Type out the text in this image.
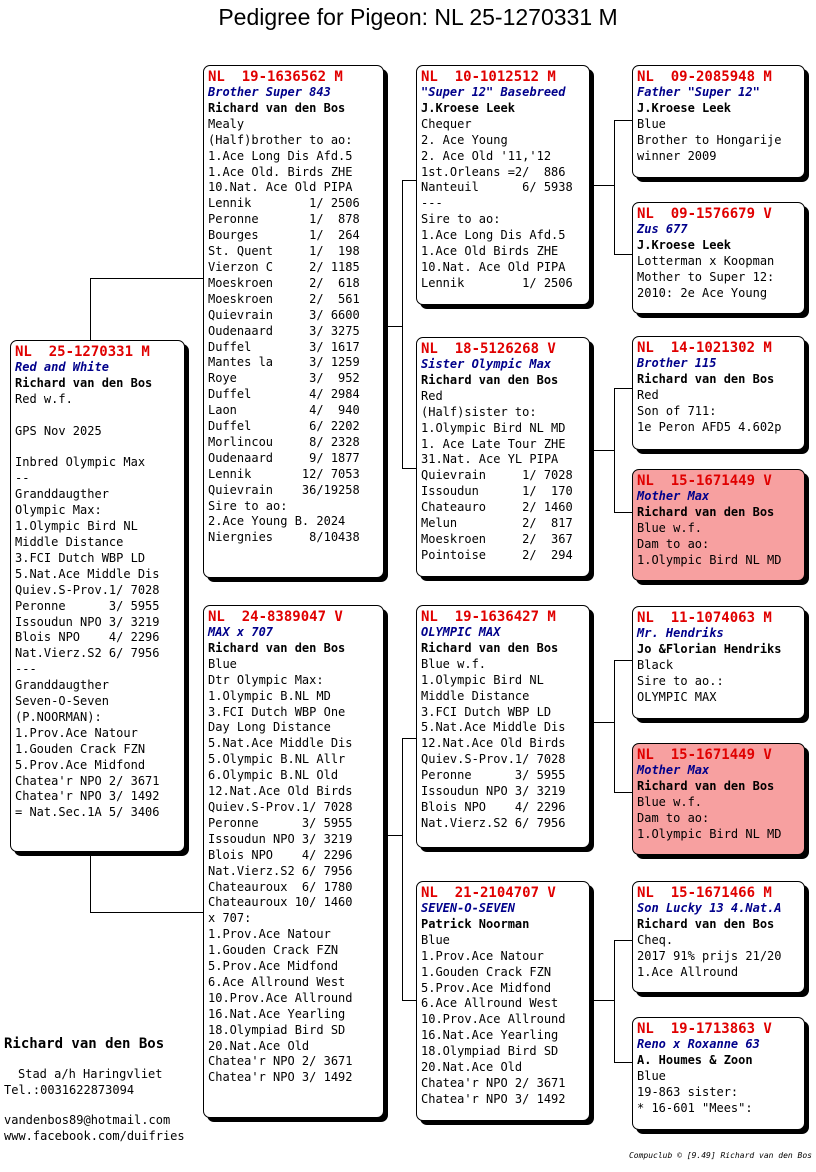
Pedigree for Pigeon: NL 25-1270331 M
NL  25-1270331 M
Red and White
Richard van den Bos
Red w.f.

GPS Nov 2025

Inbred Olympic Max
--
Granddaugther
Olympic Max:
1.Olympic Bird NL
Middle Distance
3.FCI Dutch WBP LD
5.Nat.Ace Middle Dis
Quiev.S-Prov.1/ 7028
Peronne      3/ 5955
Issoudun NPO 3/ 3219
Blois NPO    4/ 2296
Nat.Vierz.S2 6/ 7956
---
Granddaugther
Seven-O-Seven
(P.NOORMAN):
1.Prov.Ace Natour
1.Gouden Crack FZN
5.Prov.Ace Midfond
Chatea'r NPO 2/ 3671
Chatea'r NPO 3/ 1492
= Nat.Sec.1A 5/ 3406
NL  19-1636562 M
Brother Super 843
Richard van den Bos
Mealy
(Half)brother to ao:
1.Ace Long Dis Afd.5
1.Ace Old. Birds ZHE
10.Nat. Ace Old PIPA
Lennik        1/ 2506
Peronne       1/  878
Bourges       1/  264
St. Quent     1/  198
Vierzon C     2/ 1185
Moeskroen     2/  618
Moeskroen     2/  561
Quievrain     3/ 6600
Oudenaard     3/ 3275
Duffel        3/ 1617
Mantes la     3/ 1259
Roye          3/  952
Duffel        4/ 2984
Laon          4/  940
Duffel        6/ 2202
Morlincou     8/ 2328
Oudenaard     9/ 1877
Lennik       12/ 7053
Quievrain    36/19258
Sire to ao:
2.Ace Young B. 2024
Niergnies     8/10438
NL  24-8389047 V
MAX x 707
Richard van den Bos
Blue
Dtr Olympic Max:
1.Olympic B.NL MD
3.FCI Dutch WBP One
Day Long Distance
5.Nat.Ace Middle Dis
5.Olympic B.NL Allr
6.Olympic B.NL Old
12.Nat.Ace Old Birds
Quiev.S-Prov.1/ 7028
Peronne      3/ 5955
Issoudun NPO 3/ 3219
Blois NPO    4/ 2296
Nat.Vierz.S2 6/ 7956
Chateauroux  6/ 1780
Chateauroux 10/ 1460
x 707:
1.Prov.Ace Natour
1.Gouden Crack FZN
5.Prov.Ace Midfond
6.Ace Allround West
10.Prov.Ace Allround
16.Nat.Ace Yearling
18.Olympiad Bird SD
20.Nat.Ace Old
Chatea'r NPO 2/ 3671
Chatea'r NPO 3/ 1492
NL  10-1012512 M
"Super 12" Basebreed
J.Kroese Leek
Chequer
2. Ace Young
2. Ace Old '11,'12
1st.Orleans =2/  886
Nanteuil      6/ 5938
---
Sire to ao:
1.Ace Long Dis Afd.5
1.Ace Old Birds ZHE
10.Nat. Ace Old PIPA
Lennik        1/ 2506
NL  18-5126268 V
Sister Olympic Max
Richard van den Bos
Red
(Half)sister to:
1.Olympic Bird NL MD
1. Ace Late Tour ZHE
31.Nat. Ace YL PIPA
Quievrain     1/ 7028
Issoudun      1/  170
Chateauro     2/ 1460
Melun         2/  817
Moeskroen     2/  367
Pointoise     2/  294
NL  19-1636427 M
OLYMPIC MAX
Richard van den Bos
Blue w.f.
1.Olympic Bird NL
Middle Distance
3.FCI Dutch WBP LD
5.Nat.Ace Middle Dis
12.Nat.Ace Old Birds
Quiev.S-Prov.1/ 7028
Peronne      3/ 5955
Issoudun NPO 3/ 3219
Blois NPO    4/ 2296
Nat.Vierz.S2 6/ 7956
NL  21-2104707 V
SEVEN-O-SEVEN
Patrick Noorman
Blue
1.Prov.Ace Natour
1.Gouden Crack FZN
5.Prov.Ace Midfond
6.Ace Allround West
10.Prov.Ace Allround
16.Nat.Ace Yearling
18.Olympiad Bird SD
20.Nat.Ace Old
Chatea'r NPO 2/ 3671
Chatea'r NPO 3/ 1492
NL  09-2085948 M
Father "Super 12"
J.Kroese Leek
Blue
Brother to Hongarije
winner 2009
NL  09-1576679 V
Zus 677
J.Kroese Leek
Lotterman x Koopman
Mother to Super 12:
2010: 2e Ace Young
NL  14-1021302 M
Brother 115
Richard van den Bos
Red
Son of 711:
1e Peron AFD5 4.602p
NL  15-1671449 V
Mother Max
Richard van den Bos
Blue w.f.
Dam to ao:
1.Olympic Bird NL MD
NL  11-1074063 M
Mr. Hendriks
Jo &Florian Hendriks
Black
Sire to ao.:
OLYMPIC MAX
NL  15-1671449 V
Mother Max
Richard van den Bos
Blue w.f.
Dam to ao:
1.Olympic Bird NL MD
NL  15-1671466 M
Son Lucky 13 4.Nat.A
Richard van den Bos
Cheq.
2017 91% prijs 21/20
1.Ace Allround
NL  19-1713863 V
Reno x Roxanne 63
A. Houmes & Zoon
Blue
19-863 sister:
* 16-601 "Mees":
Richard van den Bos
Stad a/h Haringvliet
Tel.:0031622873094
vandenbos89@hotmail.com
www.facebook.com/duifries
Compuclub © [9.49] Richard van den Bos
